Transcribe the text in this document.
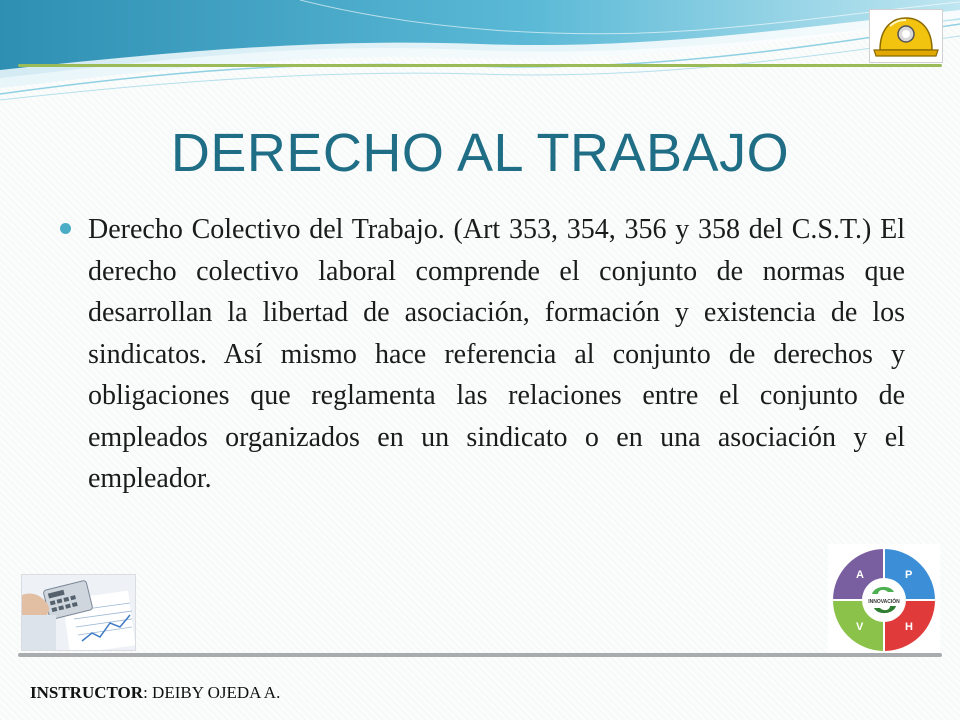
DERECHO AL TRABAJO
Derecho Colectivo del Trabajo. (Art 353, 354, 356 y 358 del C.S.T.) El derecho colectivo laboral comprende el conjunto de normas que desarrollan la libertad de asociación, formación y existencia de los sindicatos. Así mismo hace referencia al conjunto de derechos y obligaciones que reglamenta las relaciones entre el conjunto de empleados organizados en un sindicato o en una asociación y el empleador.
A	P
H
V
INNOVACIÓN
INSTRUCTOR: DEIBY OJEDA A.
